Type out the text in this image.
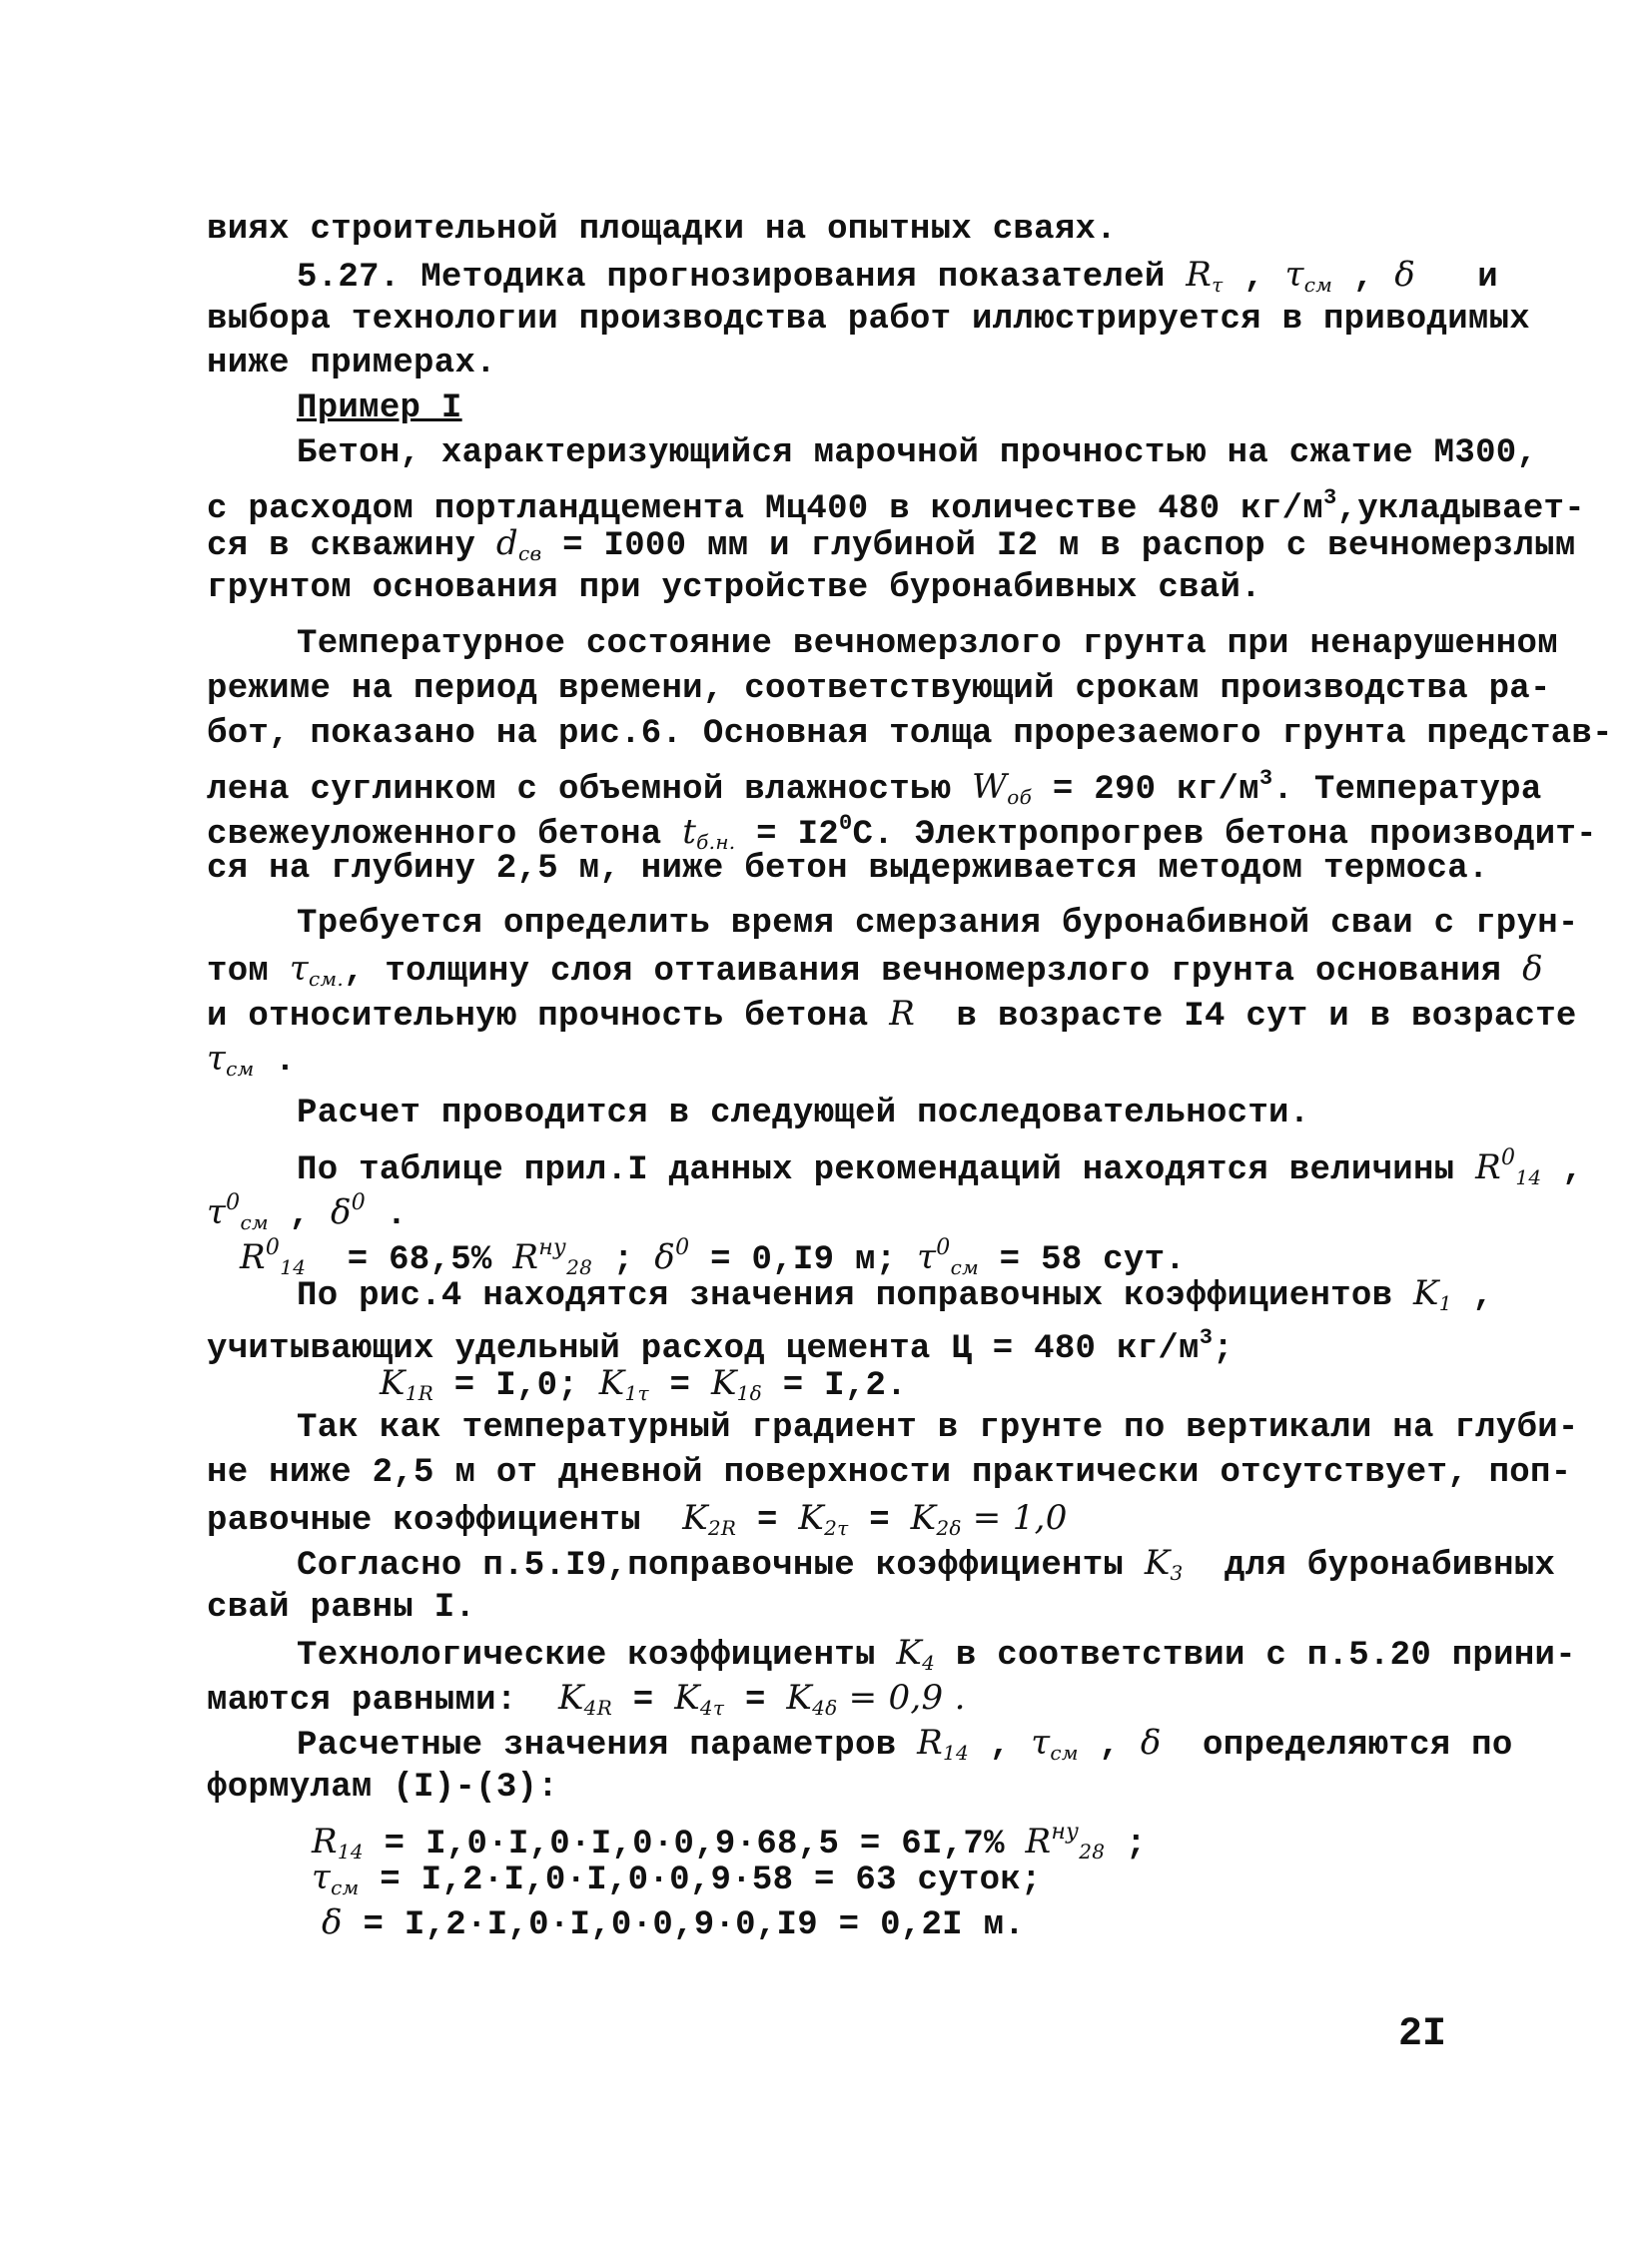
виях строительной площадки на опытных сваях.
5.27. Методика прогнозирования показателей $R_\tau$ , $\tau_{см}$ , δ   и
выбора технологии производства работ иллюстрируется в приводимых
ниже примерах.
Пример I
Бетон, характеризующийся марочной прочностью на сжатие М300,
с расходом портландцемента Мц400 в количестве 480 $кг/м^3,укладывает-$
ся в скважину $d_{св} = I000$ мм и глубиной I2 м в распор с вечномерзлым
грунтом основания при устройстве буронабивных свай.
Температурное состояние вечномерзлого грунта при ненарушенном
режиме на период времени, соответствующий срокам производства ра-
бот, показано на рис.6. Основная толща прорезаемого грунта представ-
лена суглинком с объемной влажностью $W_{об} = 290$ $кг/м^3$. Температура
свежеуложенного бетона $t_{б.н.} = I2^0С$. Электропрогрев бетона производит-
ся на глубину 2,5 м, ниже бетон выдерживается методом термоса.
Требуется определить время смерзания буронабивной сваи с грун-
том $\tau_{см.}$, толщину слоя оттаивания вечномерзлого грунта основания δ
и относительную прочность бетона R  в возрасте I4 сут и в возрасте
$\tau_{см}$ .
Расчет проводится в следующей последовательности.
По таблице прил.I данных рекомендаций находятся величины $R^0_{14}$ ,
$\tau^0_{см}$ , $\delta^0$ .
$R^0_{14} = 68,5\%$ $R^{ну}_{28}$ ; $\delta^0 = 0,I9$ м; $\tau^0_{см} = 58$ сут.
По рис.4 находятся значения поправочных коэффициентов $K_1$ ,
учитывающих удельный расход цемента Ц = 480 $кг/м^3$;
$K_{1R} = I,0$; $K_{1\tau} = K_{1\delta} = I,2$.
Так как температурный градиент в грунте по вертикали на глуби-
не ниже 2,5 м от дневной поверхности практически отсутствует, поп-
равочные коэффициенты  $K_{2R} = K_{2\tau} = K_{2\delta} = 1,0$
Согласно п.5.I9,поправочные коэффициенты $K_3$  для буронабивных
свай равны I.
Технологические коэффициенты $K_4$ в соответствии с п.5.20 прини-
маются равными:  $K_{4R} = K_{4\tau} = K_{4\delta} = 0,9$ .
Расчетные значения параметров $R_{14}$ , $\tau_{см}$ , δ  определяются по
формулам (I)-(3):
$R_{14} = I,0\cdot I,0\cdot I,0\cdot 0,9\cdot 68,5 = 6I,7\%$ $R^{ну}_{28}$ ;
$\tau_{см} = I,2\cdot I,0\cdot I,0\cdot 0,9\cdot 58 = 63$ суток;
δ = I,2·I,0·I,0·0,9·0,I9 = 0,2I м.
2I
